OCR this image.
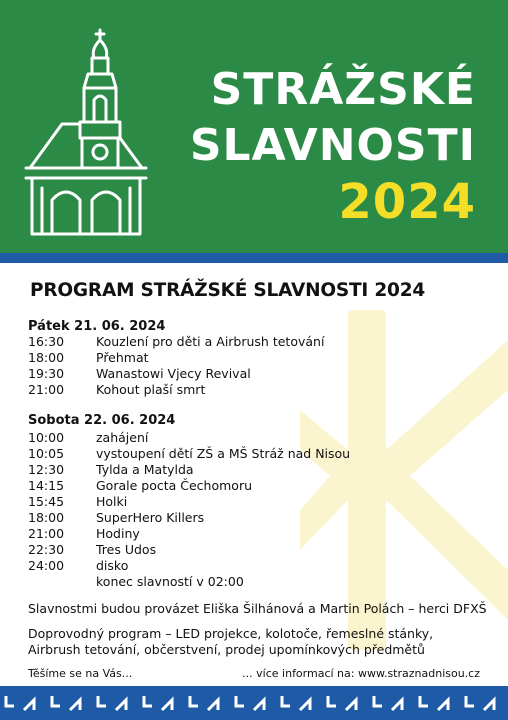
STRÁŽSKÉ
SLAVNOSTI
2024
PROGRAM STRÁŽSKÉ SLAVNOSTI 2024
Pátek 21. 06. 2024
16:30	Kouzlení pro děti a Airbrush tetování
18:00	Přehmat
19:30	Wanastowi Vjecy Revival
21:00	Kohout plaší smrt
Sobota 22. 06. 2024
10:00	zahájení
10:05	vystoupení dětí ZŠ a MŠ Stráž nad Nisou
12:30	Tylda a Matylda
14:15	Gorale pocta Čechomoru
15:45	Holki
18:00	SuperHero Killers
21:00	Hodiny
22:30	Tres Udos
24:00	disko
konec slavností v 02:00
Slavnostmi budou provázet Eliška Šilhánová a Martin Polách – herci DFXŠ
Doprovodný program – LED projekce, kolotoče, řemeslné stánky,
Airbrush tetování, občerstvení, prodej upomínkových předmětů
Těšíme se na Vás...	... více informací na: www.straznadnisou.cz
